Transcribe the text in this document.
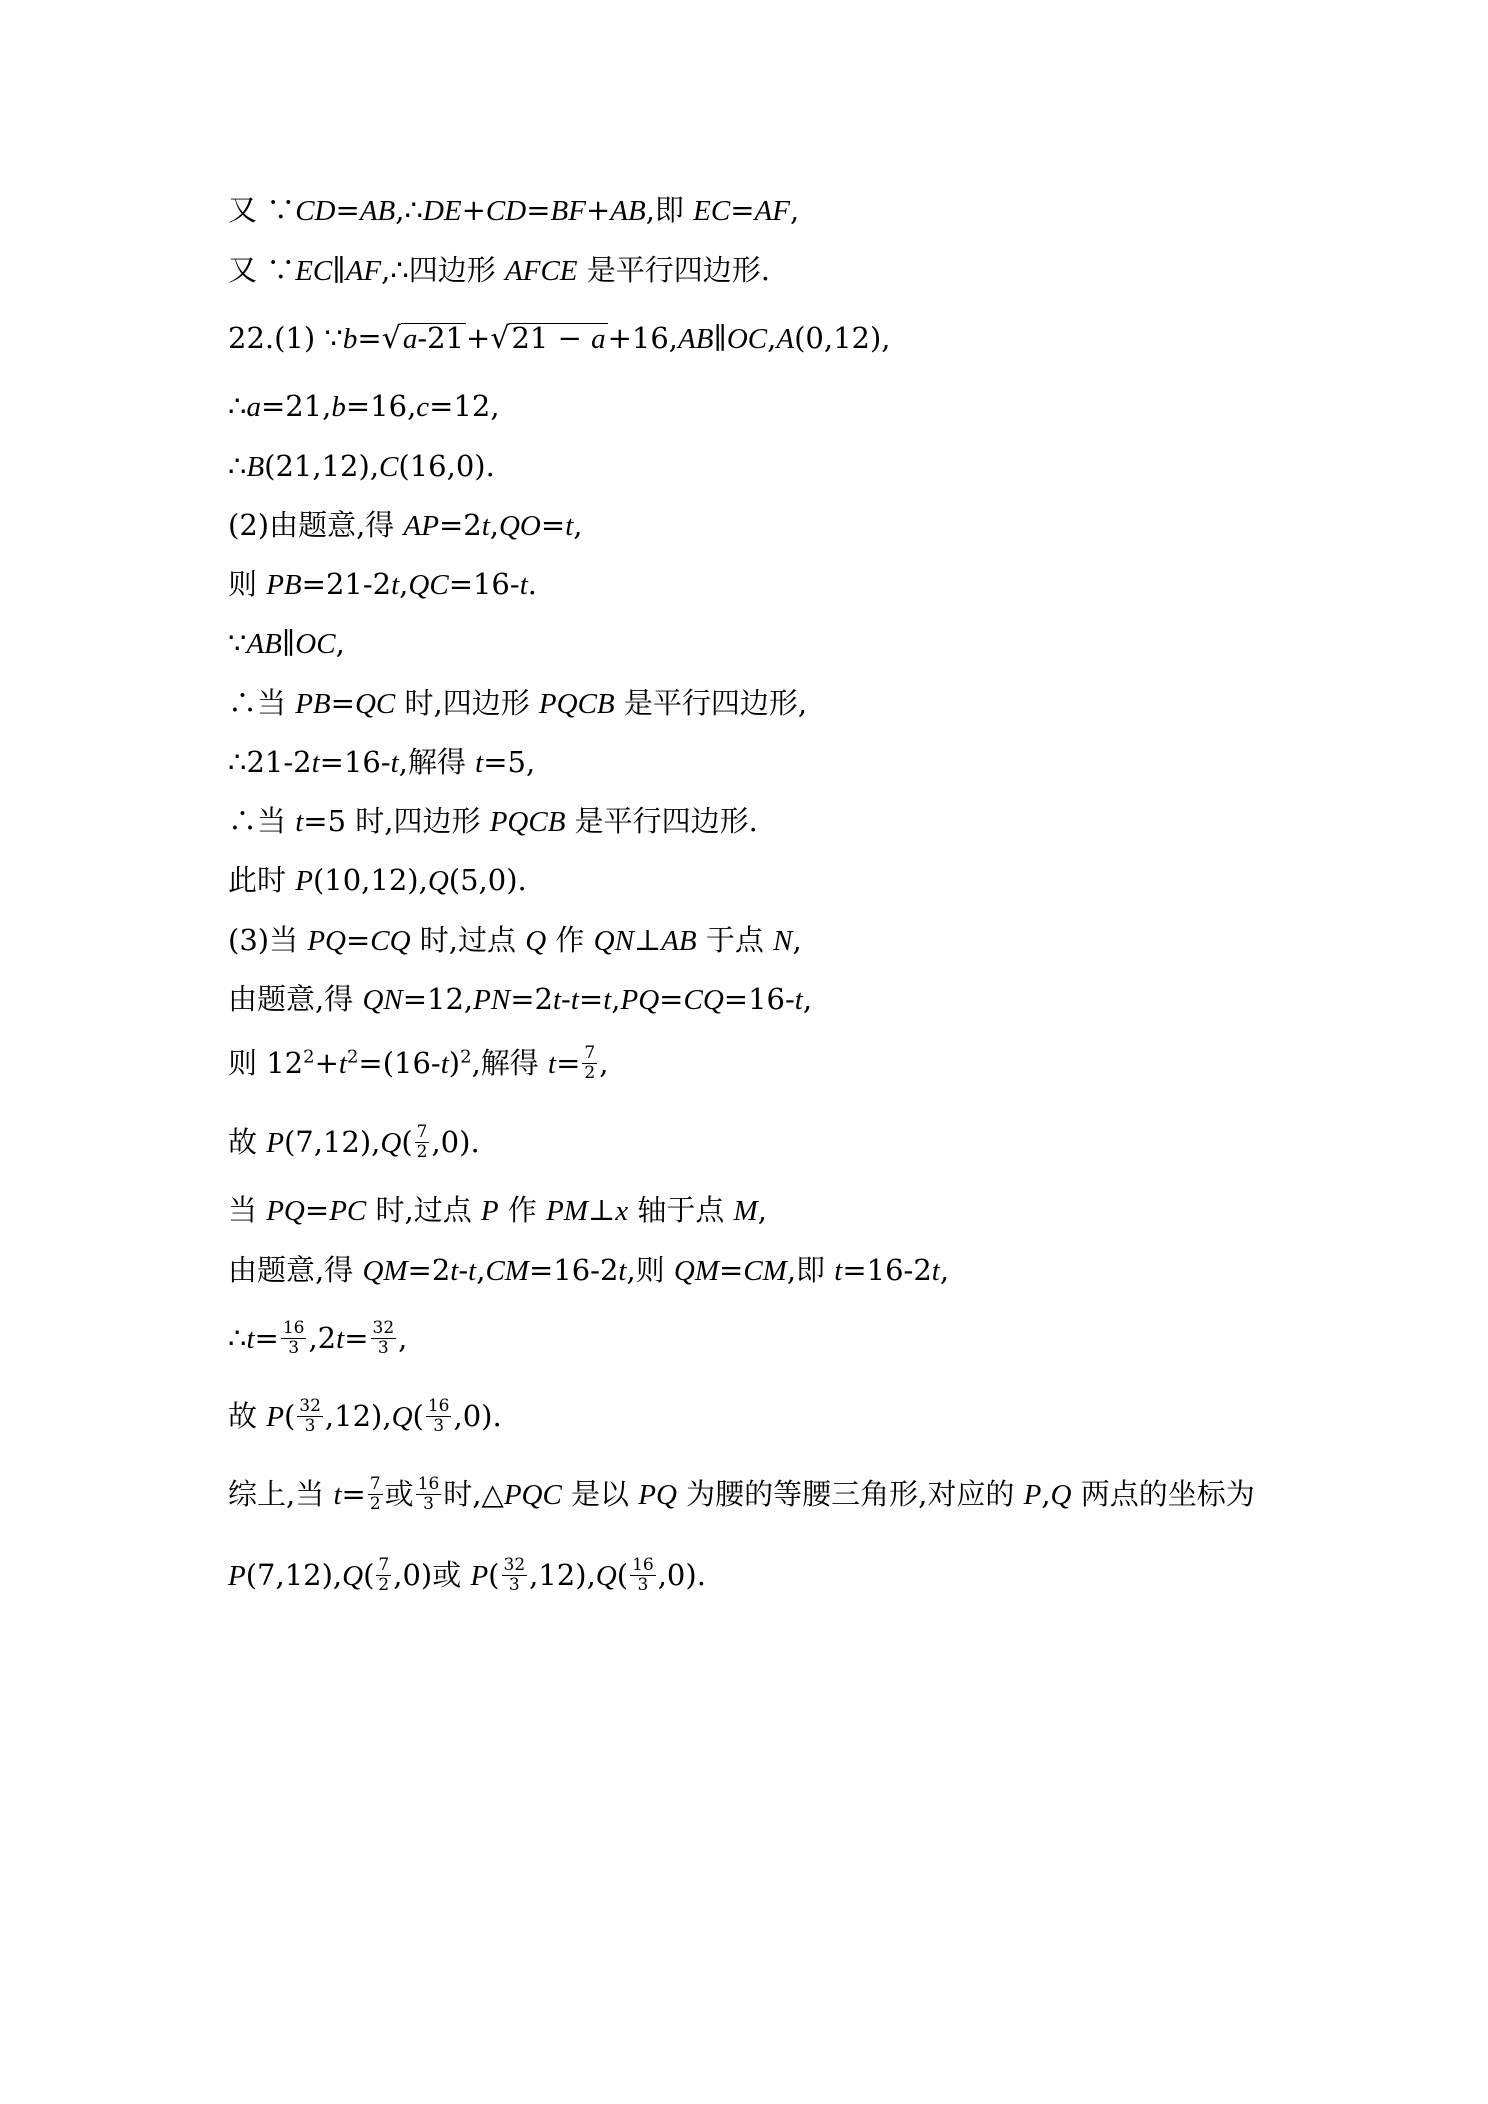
又 ∵CD=AB,∴DE+CD=BF+AB,即 EC=AF,
又 ∵EC∥AF,∴四边形 AFCE 是平行四边形.
22.(1) ∵b=√a-21+√21 − a+16,AB∥OC,A(0,12),
∴a=21,b=16,c=12,
∴B(21,12),C(16,0).
(2)由题意,得 AP=2t,QO=t,
则 PB=21-2t,QC=16-t.
∵AB∥OC,
∴当 PB=QC 时,四边形 PQCB 是平行四边形,
∴21-2t=16-t,解得 t=5,
∴当 t=5 时,四边形 PQCB 是平行四边形.
此时 P(10,12),Q(5,0).
(3)当 PQ=CQ 时,过点 Q 作 QN⊥AB 于点 N,
由题意,得 QN=12,PN=2t-t=t,PQ=CQ=16-t,
则 $12^2+t^2=(16-t)^2$,解得 $t= \frac{7}{2}$ ,
故 $P(7,12),Q( \frac{7}{2} ,0)$.
当 PQ=PC 时,过点 P 作 PM⊥x 轴于点 M,
由题意,得 QM=2t-t,CM=16-2t,则 QM=CM,即 t=16-2t,
∴t= $\frac{16}{3} ,2t= \frac{32}{3}$ ,
故 $P( \frac{32}{3} ,12),Q( \frac{16}{3} ,0)$.
综上,当 $t= \frac{7}{2}$ 或 $\frac{16}{3}$ 时,△PQC 是以 PQ 为腰的等腰三角形,对应的 P,Q 两点的坐标为
$P(7,12),Q( \frac{7}{2} ,0)$或 $P( \frac{32}{3} ,12),Q( \frac{16}{3} ,0)$.
